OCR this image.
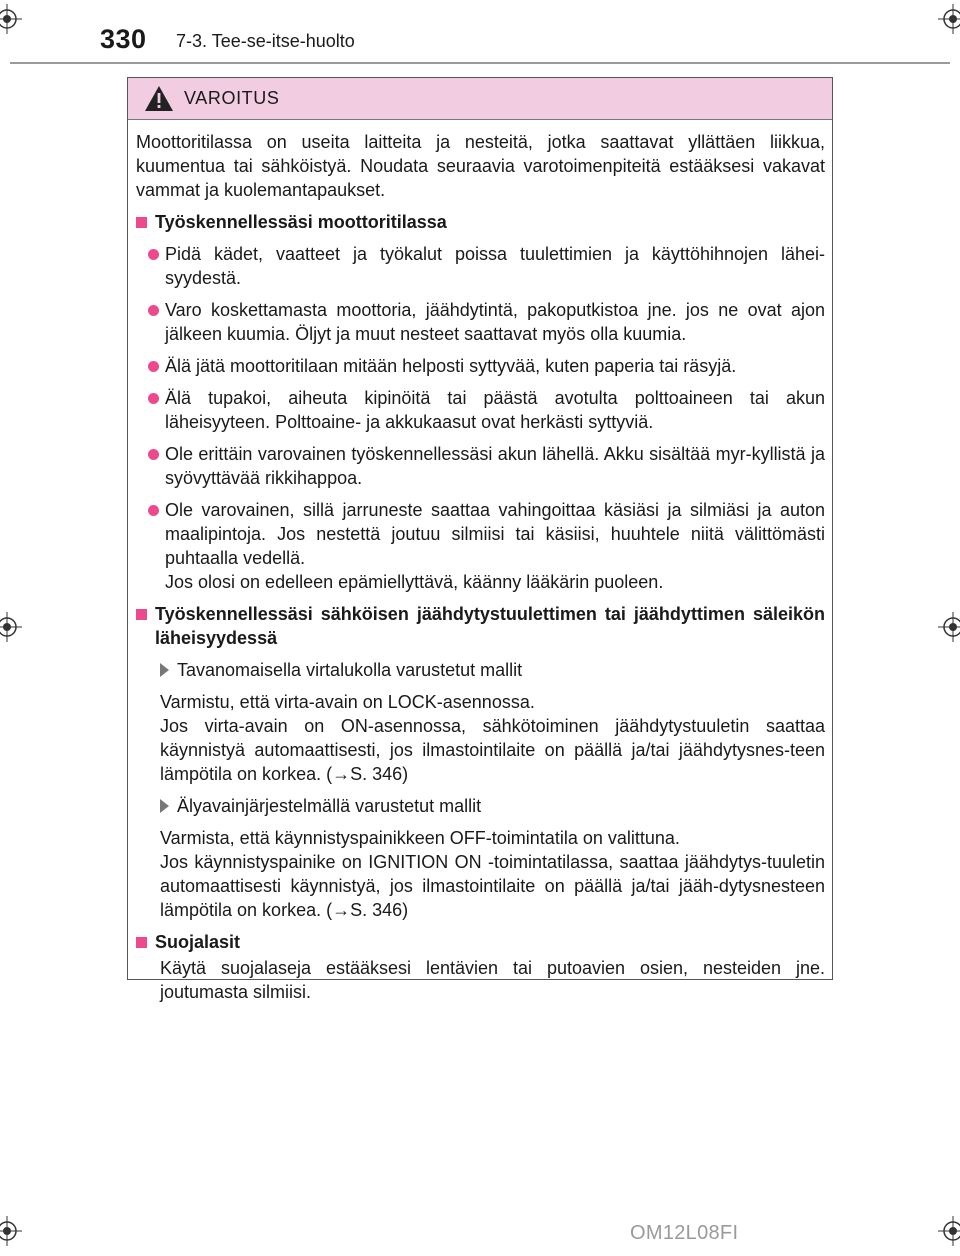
330 7-3. Tee-se-itse-huolto
VAROITUS

Moottoritilassa on useita laitteita ja nesteitä, jotka saattavat yllättäen liikkua, kuumentua tai sähköistyä. Noudata seuraavia varotoimenpiteitä estääksesi vakavat vammat ja kuolemantapaukset.

Työskennellessäsi moottoritilassa
Pidä kädet, vaatteet ja työkalut poissa tuulettimien ja käyttöhihnojen lähei-syydestä.
Varo koskettamasta moottoria, jäähdytintä, pakoputkistoa jne. jos ne ovat ajon jälkeen kuumia. Öljyt ja muut nesteet saattavat myös olla kuumia.
Älä jätä moottoritilaan mitään helposti syttyvää, kuten paperia tai räsyjä.
Älä tupakoi, aiheuta kipinöitä tai päästä avotulta polttoaineen tai akun läheisyyteen. Polttoaine- ja akkukaasut ovat herkästi syttyviä.
Ole erittäin varovainen työskennellessäsi akun lähellä. Akku sisältää myr-kyllistä ja syövyttävää rikkihappoa.
Ole varovainen, sillä jarruneste saattaa vahingoittaa käsiäsi ja silmiäsi ja auton maalipintoja. Jos nestettä joutuu silmiisi tai käsiisi, huuhtele niitä välittömästi puhtaalla vedellä.
Jos olosi on edelleen epämiellyttävä, käänny lääkärin puoleen.
Työskennellessäsi sähköisen jäähdytystuulettimen tai jäähdyttimen säleikön läheisyydessä
Tavanomaisella virtalukolla varustetut mallit

Varmistu, että virta-avain on LOCK-asennossa.

Jos virta-avain on ON-asennossa, sähkötoiminen jäähdytystuuletin saattaa käynnistyä automaattisesti, jos ilmastointilaite on päällä ja/tai jäähdytysnes-teen lämpötila on korkea. (→S. 346)

Älyavainjärjestelmällä varustetut mallit

Varmista, että käynnistyspainikkeen OFF-toimintatila on valittuna.

Jos käynnistyspainike on IGNITION ON -toimintatilassa, saattaa jäähdytys-tuuletin automaattisesti käynnistyä, jos ilmastointilaite on päällä ja/tai jääh-dytysnesteen lämpötila on korkea. (→S. 346)

Suojalasit
Käytä suojalaseja estääksesi lentävien tai putoavien osien, nesteiden jne. joutumasta silmiisi.
OM12L08FI
